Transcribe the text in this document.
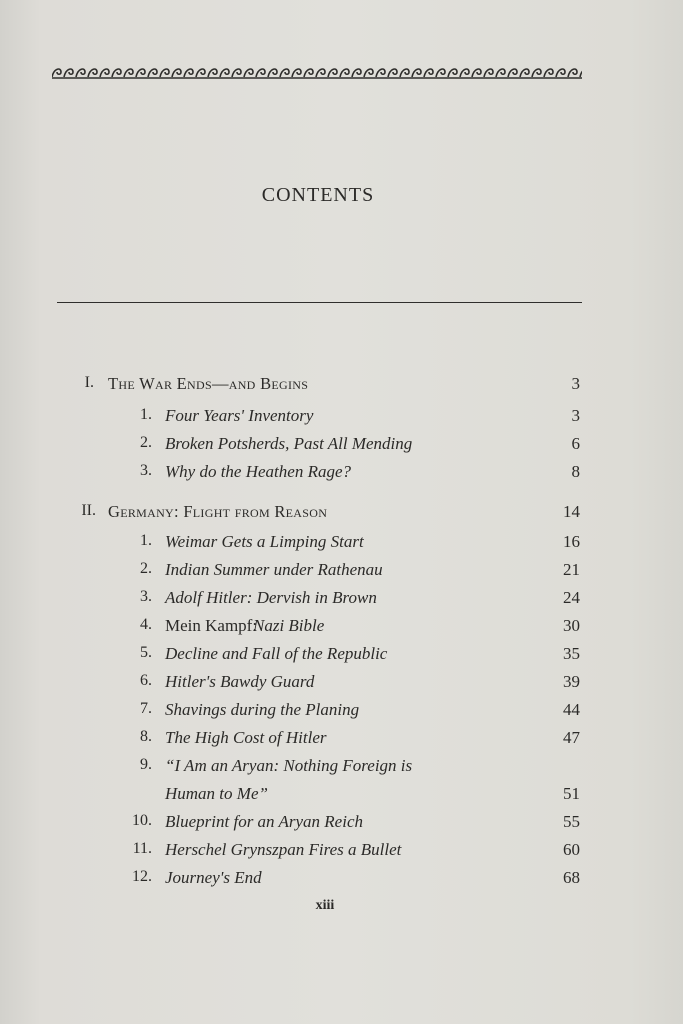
CONTENTS
I. The War Ends—and Begins	3
1. Four Years' Inventory	3
2. Broken Potsherds, Past All Mending	6
3. Why do the Heathen Rage?	8
II. Germany: Flight from Reason	14
1. Weimar Gets a Limping Start	16
2. Indian Summer under Rathenau	21
3. Adolf Hitler: Dervish in Brown	24
4. Mein Kampf:
Nazi Bible	30
5. Decline and Fall of the Republic	35
6. Hitler's Bawdy Guard	39
7. Shavings during the Planing	44
8. The High Cost of Hitler	47
9. “I Am an Aryan: Nothing Foreign is
Human to Me”	51
10. Blueprint for an Aryan Reich	55
11. Herschel Grynszpan Fires a Bullet	60
12. Journey's End	68
xiii
